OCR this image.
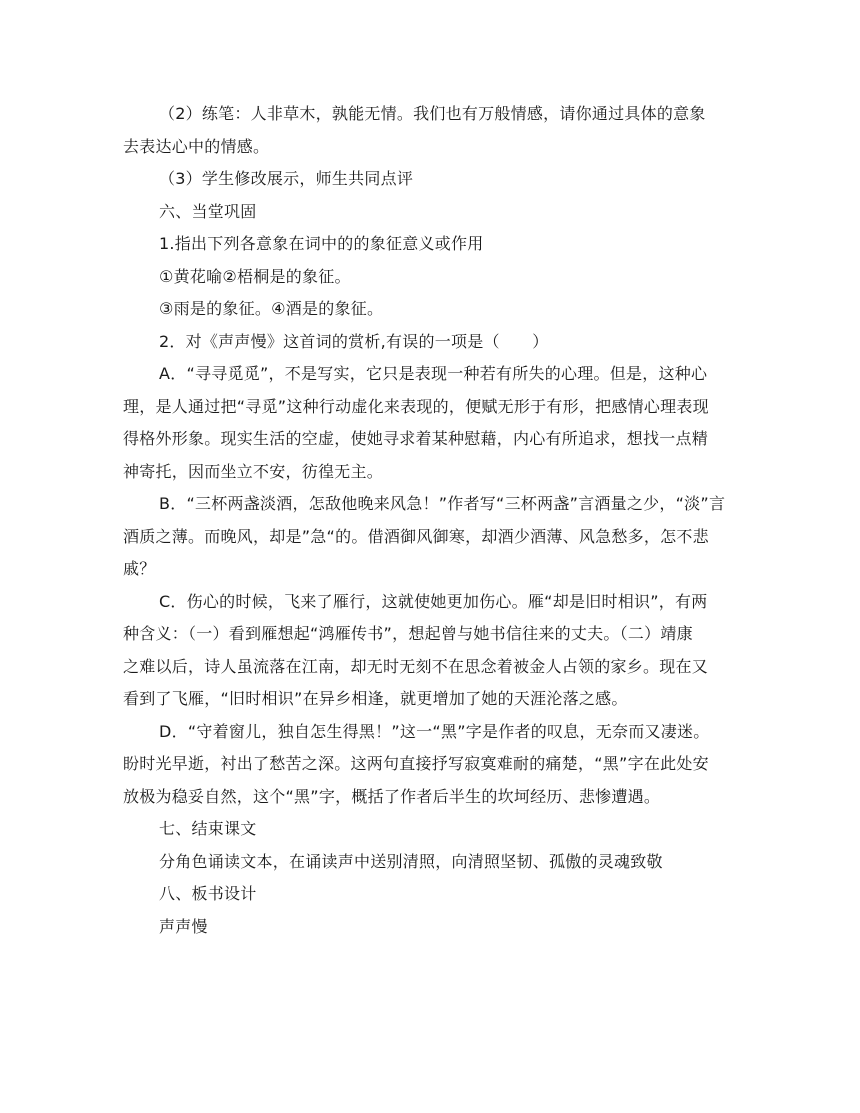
（2）练笔：人非草木，孰能无情。我们也有万般情感，请你通过具体的意象

去表达心中的情感。

（3）学生修改展示，师生共同点评

六、当堂巩固

1.指出下列各意象在词中的的象征意义或作用

①黄花喻②梧桐是的象征。

③雨是的象征。④酒是的象征。

2．对《声声慢》这首词的赏析,有误的一项是（　　）

A．“寻寻觅觅”，不是写实，它只是表现一种若有所失的心理。但是，这种心

理，是人通过把“寻觅”这种行动虚化来表现的，便赋无形于有形，把感情心理表现

得格外形象。现实生活的空虚，使她寻求着某种慰藉，内心有所追求，想找一点精

神寄托，因而坐立不安，彷徨无主。

B．“三杯两盏淡酒，怎敌他晚来风急！”作者写“三杯两盏”言酒量之少，“淡”言

酒质之薄。而晚风，却是”急“的。借酒御风御寒，却酒少酒薄、风急愁多，怎不悲

戚？

C．伤心的时候，飞来了雁行，这就使她更加伤心。雁“却是旧时相识”，有两

种含义：（一）看到雁想起“鸿雁传书”，想起曾与她书信往来的丈夫。（二）靖康

之难以后，诗人虽流落在江南，却无时无刻不在思念着被金人占领的家乡。现在又

看到了飞雁，“旧时相识”在异乡相逢，就更增加了她的天涯沦落之感。

D．“守着窗儿，独自怎生得黑！”这一“黑”字是作者的叹息，无奈而又凄迷。

盼时光早逝，衬出了愁苦之深。这两句直接抒写寂寞难耐的痛楚，“黑”字在此处安

放极为稳妥自然，这个“黑”字，概括了作者后半生的坎坷经历、悲惨遭遇。

七、结束课文

分角色诵读文本，在诵读声中送别清照，向清照坚韧、孤傲的灵魂致敬

八、板书设计

声声慢
